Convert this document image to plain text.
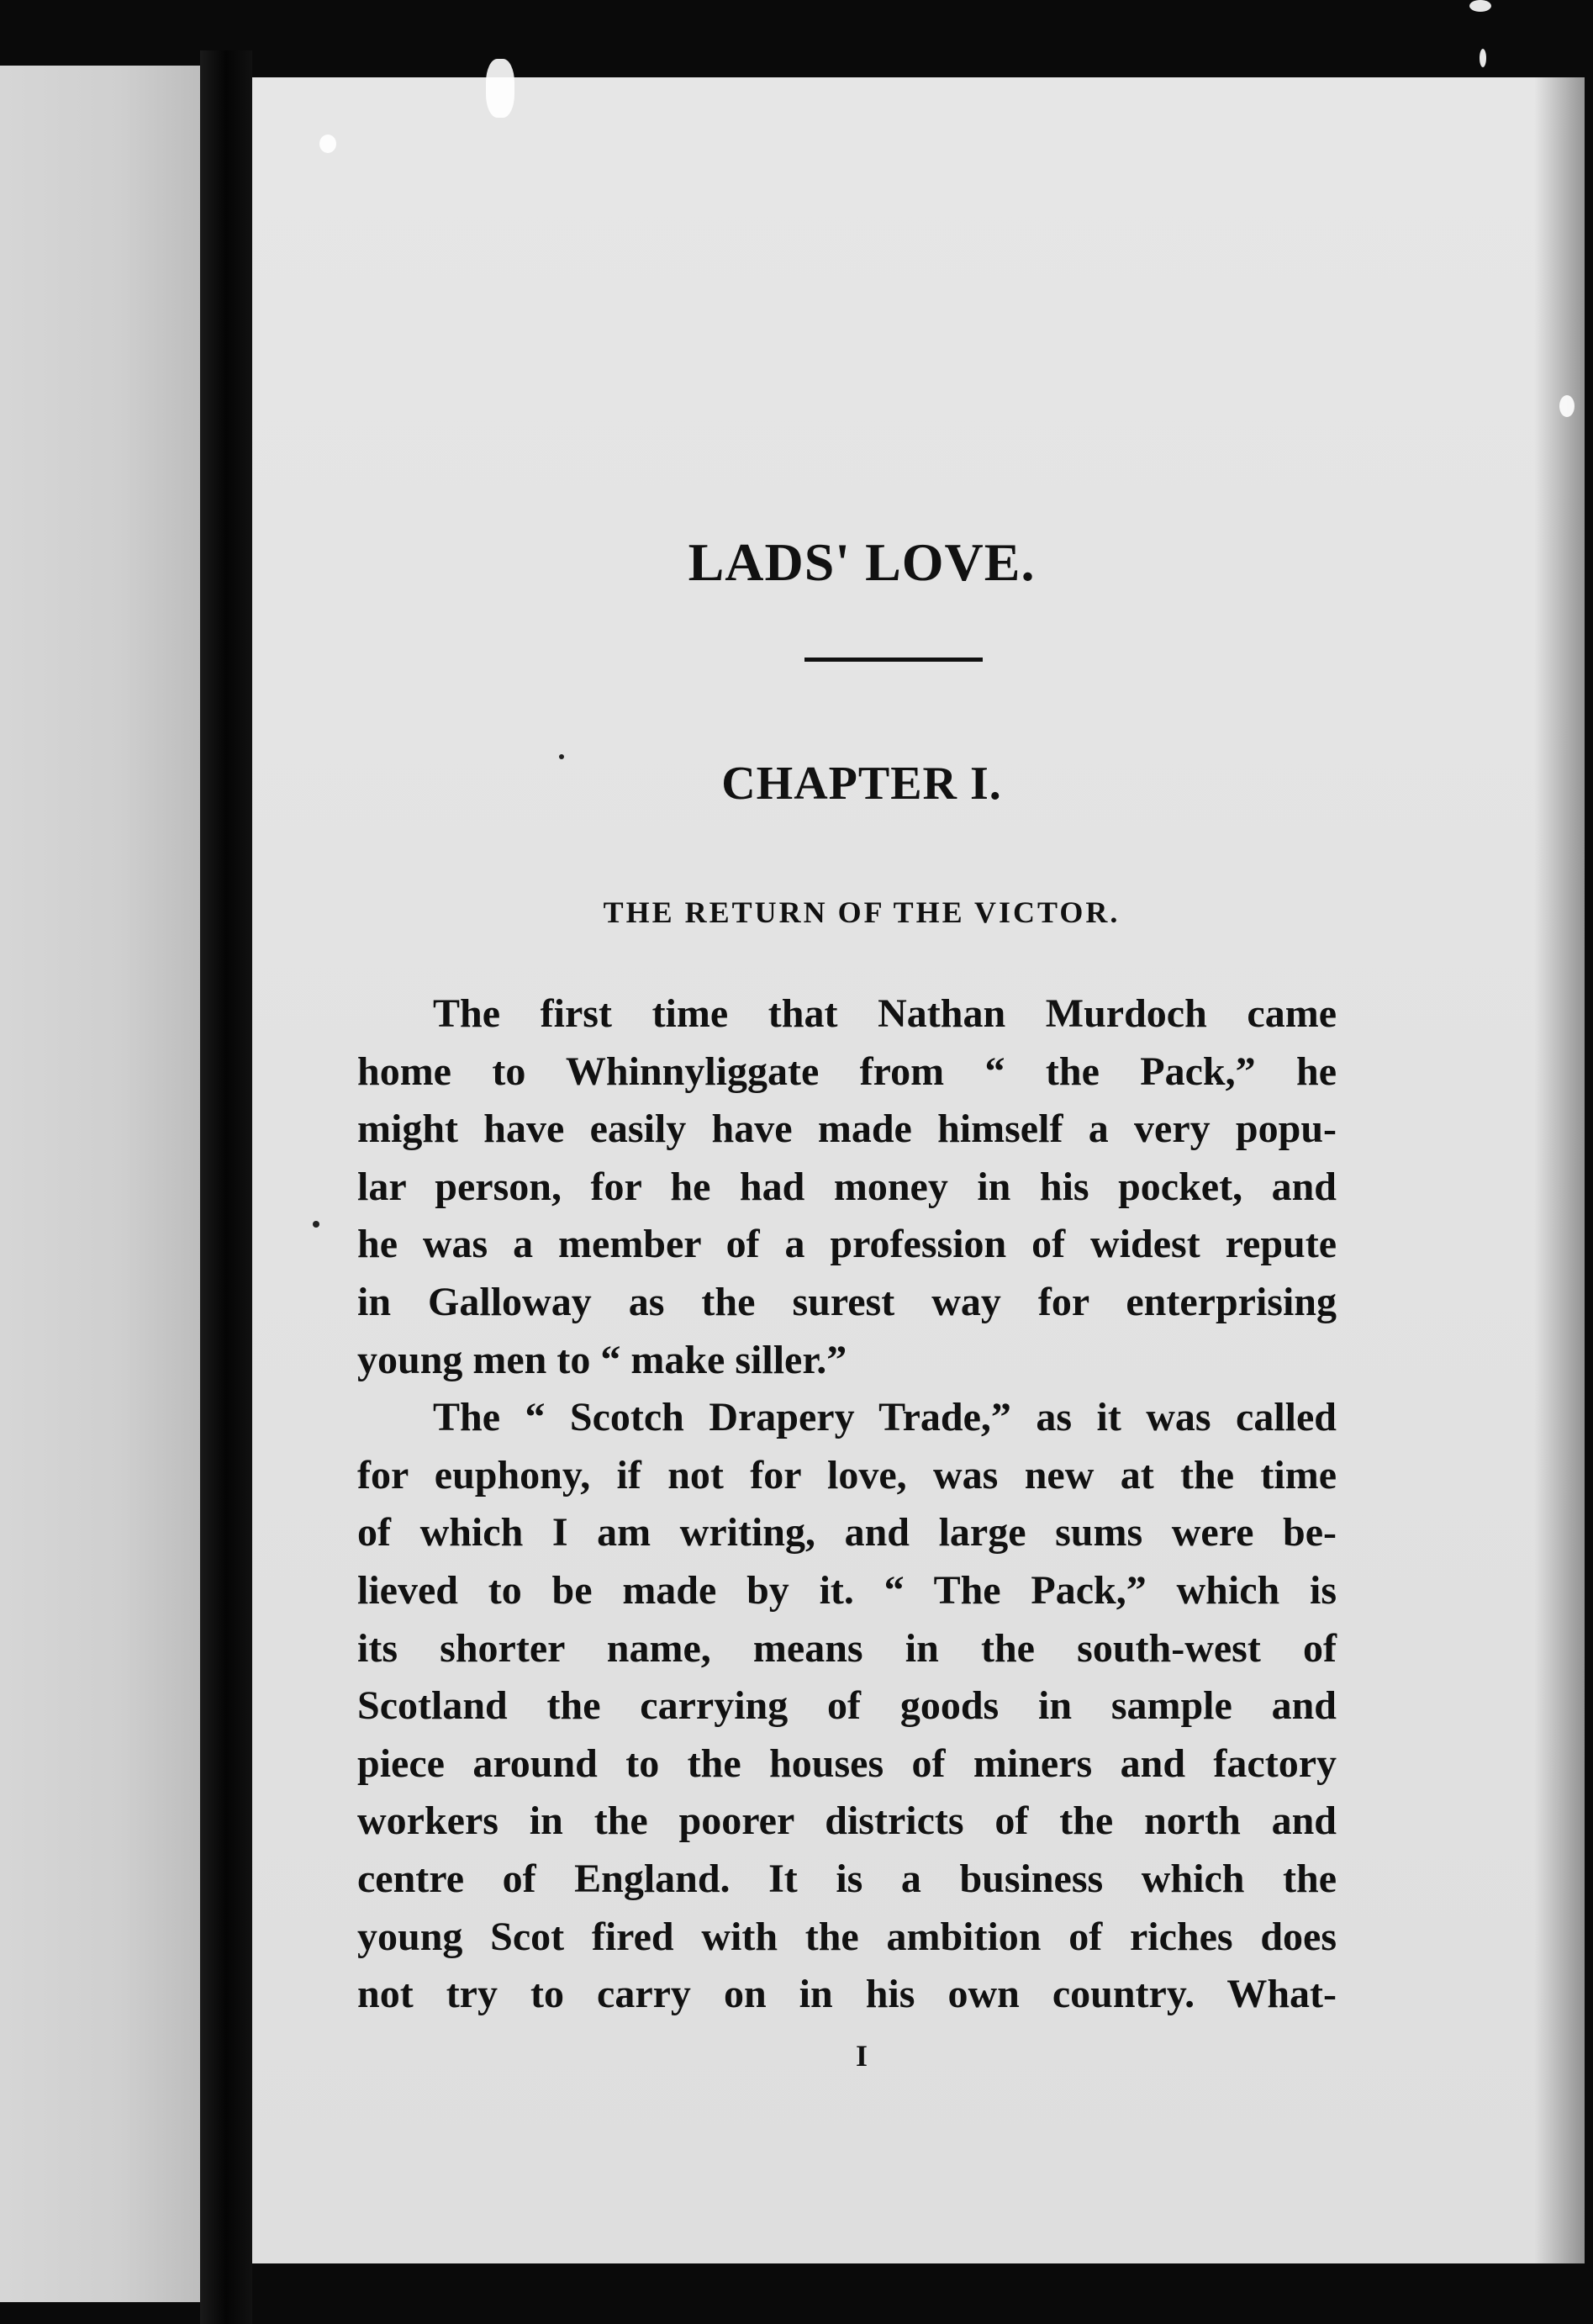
LADS' LOVE.
CHAPTER I.
THE RETURN OF THE VICTOR.
The first time that Nathan Murdoch came
home to Whinnyliggate from “ the Pack,” he
might have easily have made himself a very popu-
lar person, for he had money in his pocket, and
he was a member of a profession of widest repute
in Galloway as the surest way for enterprising
young men to “ make siller.”
The “ Scotch Drapery Trade,” as it was called
for euphony, if not for love, was new at the time
of which I am writing, and large sums were be-
lieved to be made by it. “ The Pack,” which is
its shorter name, means in the south-west of
Scotland the carrying of goods in sample and
piece around to the houses of miners and factory
workers in the poorer districts of the north and
centre of England. It is a business which the
young Scot fired with the ambition of riches does
not try to carry on in his own country. What-

I
